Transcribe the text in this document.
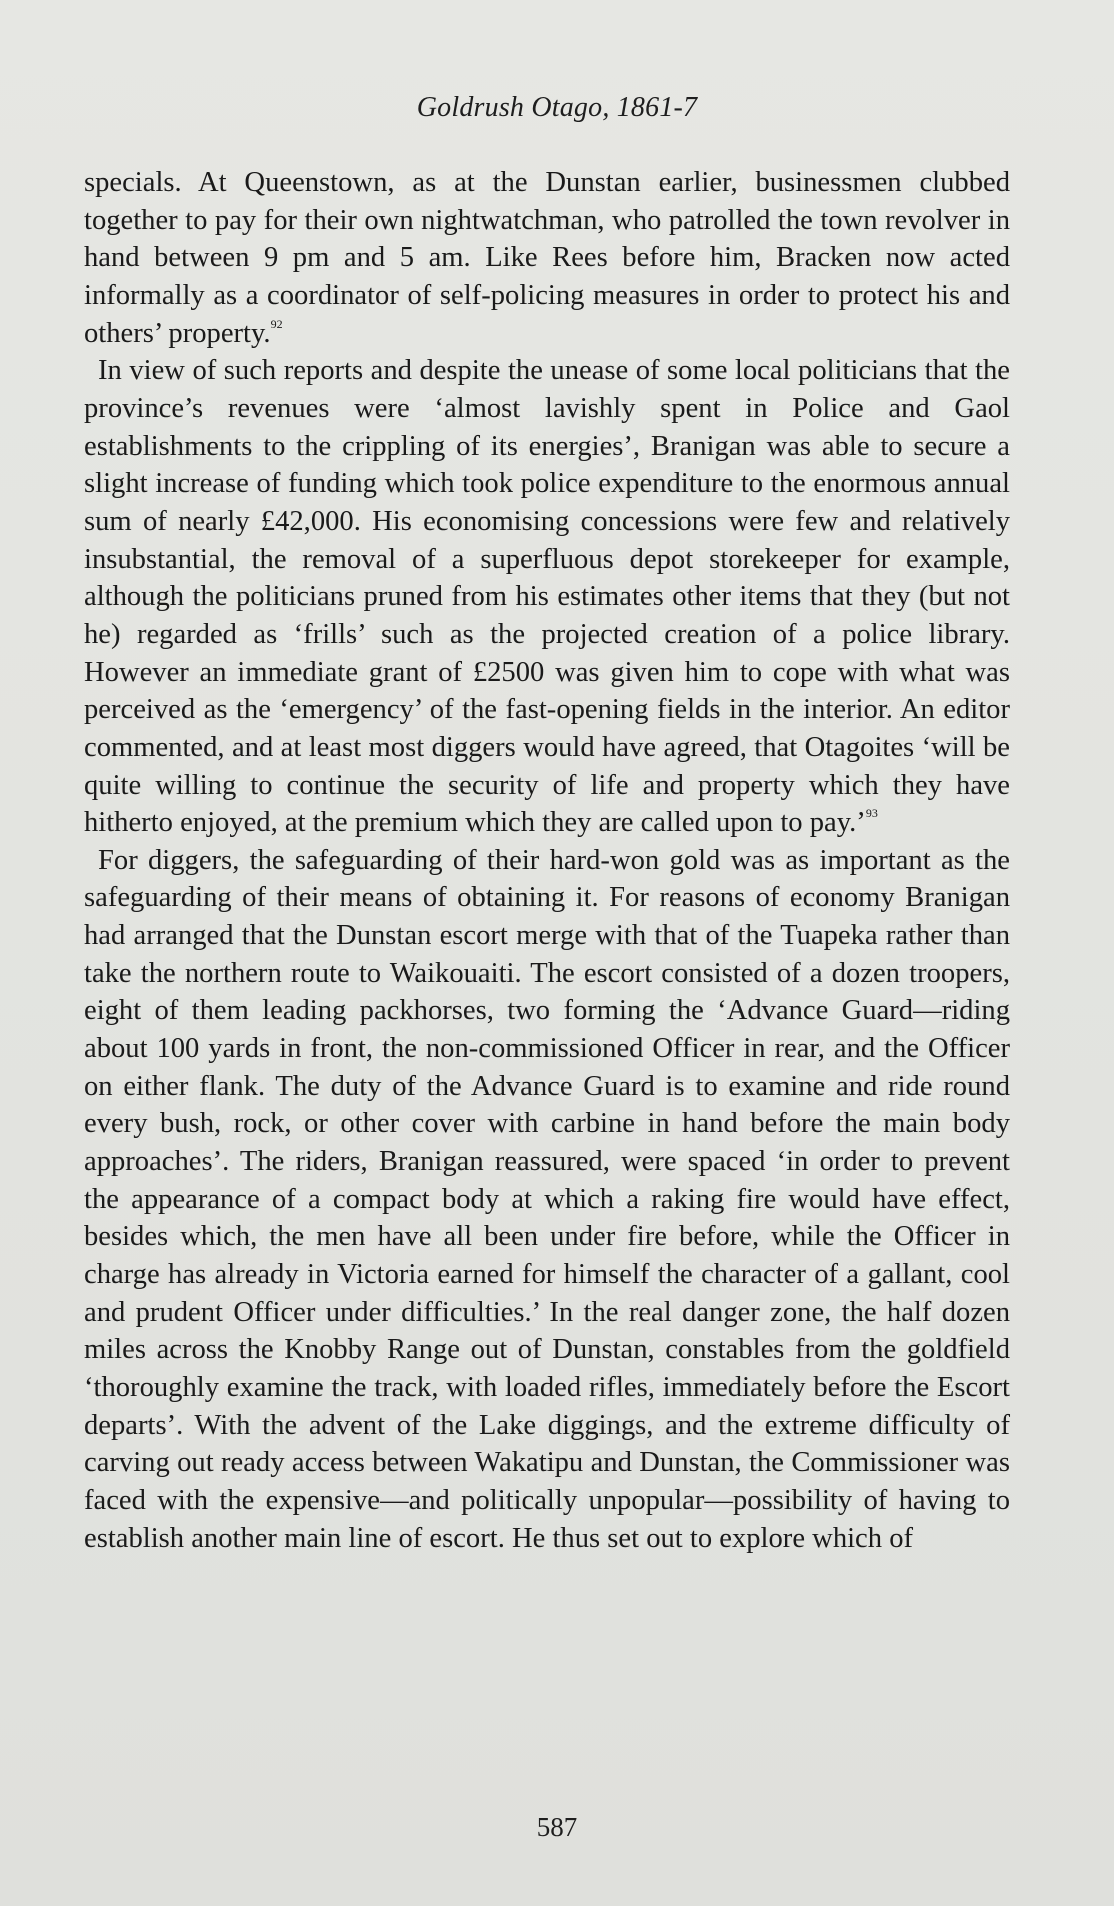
Goldrush Otago, 1861-7

specials. At Queenstown, as at the Dunstan earlier, businessmen clubbed together to pay for their own nightwatchman, who patrolled the town revolver in hand between 9 pm and 5 am. Like Rees before him, Bracken now acted informally as a coordinator of self-policing measures in order to protect his and others’ property.$^{92}$

In view of such reports and despite the unease of some local politicians that the province’s revenues were ‘almost lavishly spent in Police and Gaol establishments to the crippling of its energies’, Branigan was able to secure a slight increase of funding which took police expenditure to the enormous annual sum of nearly £42,000. His economising concessions were few and relatively insubstantial, the removal of a superfluous depot storekeeper for example, although the politicians pruned from his estimates other items that they (but not he) regarded as ‘frills’ such as the projected creation of a police library. However an immediate grant of £2500 was given him to cope with what was perceived as the ‘emergency’ of the fast-opening fields in the interior. An editor commented, and at least most diggers would have agreed, that Otagoites ‘will be quite willing to continue the security of life and property which they have hitherto enjoyed, at the premium which they are called upon to pay.’$^{93}$

For diggers, the safeguarding of their hard-won gold was as important as the safeguarding of their means of obtaining it. For reasons of economy Branigan had arranged that the Dunstan escort merge with that of the Tuapeka rather than take the northern route to Waikouaiti. The escort consisted of a dozen troopers, eight of them leading packhorses, two forming the ‘Advance Guard—riding about 100 yards in front, the non-commissioned Officer in rear, and the Officer on either flank. The duty of the Advance Guard is to examine and ride round every bush, rock, or other cover with carbine in hand before the main body approaches’. The riders, Branigan reassured, were spaced ‘in order to prevent the appearance of a compact body at which a raking fire would have effect, besides which, the men have all been under fire before, while the Officer in charge has already in Victoria earned for himself the character of a gallant, cool and prudent Officer under difficulties.’ In the real danger zone, the half dozen miles across the Knobby Range out of Dunstan, constables from the goldfield ‘thoroughly examine the track, with loaded rifles, immediately before the Escort departs’. With the advent of the Lake diggings, and the extreme difficulty of carving out ready access between Wakatipu and Dunstan, the Commissioner was faced with the expensive—and politically unpopular—possibility of having to establish another main line of escort. He thus set out to explore which of

587
